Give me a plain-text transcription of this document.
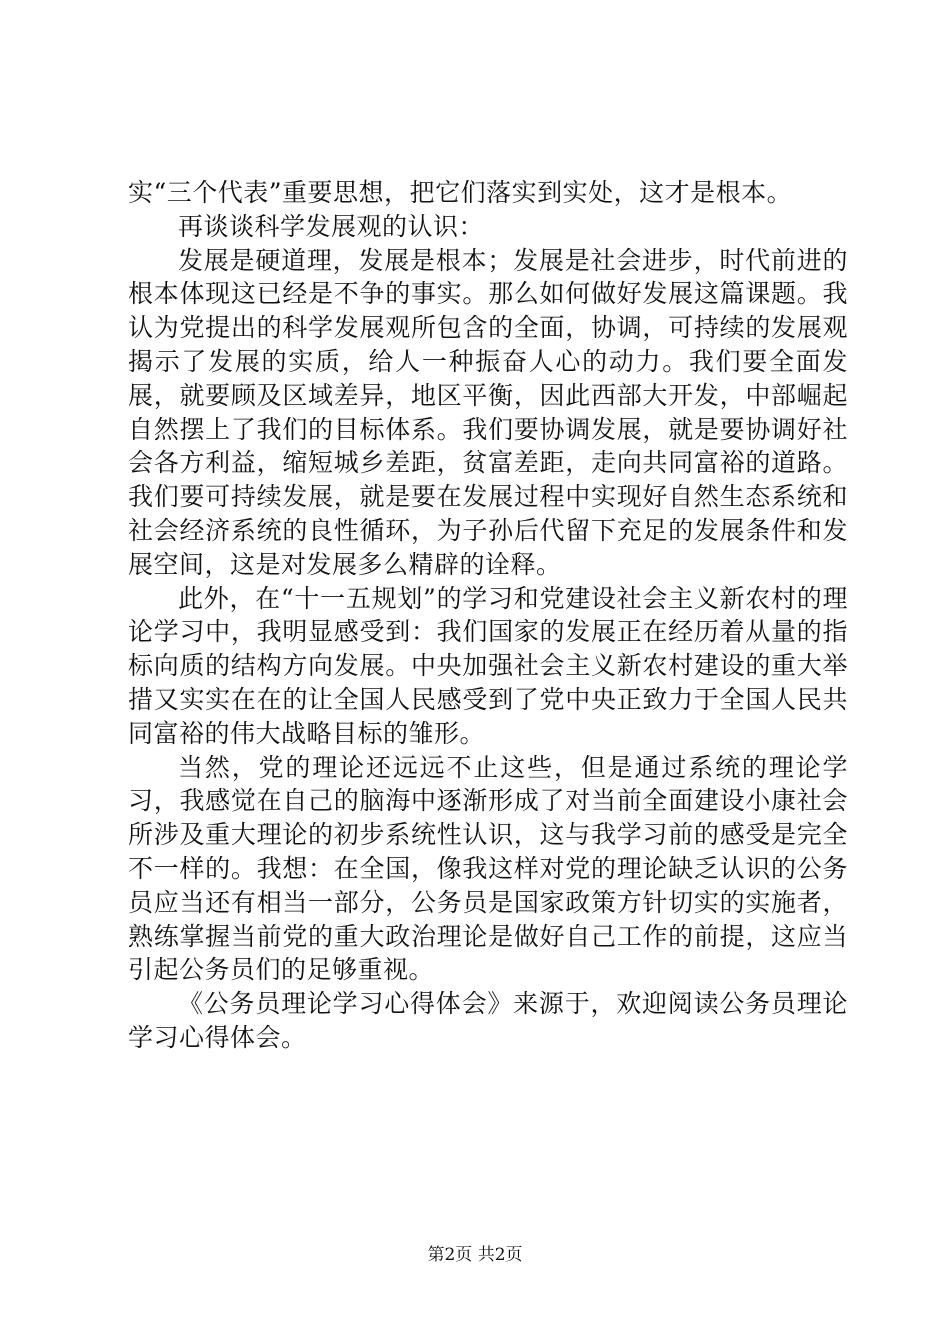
实“三个代表”重要思想，把它们落实到实处，这才是根本。

再谈谈科学发展观的认识：

发展是硬道理，发展是根本；发展是社会进步，时代前进的根本体现这已经是不争的事实。那么如何做好发展这篇课题。我认为党提出的科学发展观所包含的全面，协调，可持续的发展观揭示了发展的实质，给人一种振奋人心的动力。我们要全面发展，就要顾及区域差异，地区平衡，因此西部大开发，中部崛起自然摆上了我们的目标体系。我们要协调发展，就是要协调好社会各方利益，缩短城乡差距，贫富差距，走向共同富裕的道路。我们要可持续发展，就是要在发展过程中实现好自然生态系统和社会经济系统的良性循环，为子孙后代留下充足的发展条件和发展空间，这是对发展多么精辟的诠释。

此外，在“十一五规划”的学习和党建设社会主义新农村的理论学习中，我明显感受到：我们国家的发展正在经历着从量的指标向质的结构方向发展。中央加强社会主义新农村建设的重大举措又实实在在的让全国人民感受到了党中央正致力于全国人民共同富裕的伟大战略目标的雏形。

当然，党的理论还远远不止这些，但是通过系统的理论学习，我感觉在自己的脑海中逐渐形成了对当前全面建设小康社会所涉及重大理论的初步系统性认识，这与我学习前的感受是完全不一样的。我想：在全国，像我这样对党的理论缺乏认识的公务员应当还有相当一部分，公务员是国家政策方针切实的实施者，熟练掌握当前党的重大政治理论是做好自己工作的前提，这应当引起公务员们的足够重视。

《公务员理论学习心得体会》来源于，欢迎阅读公务员理论学习心得体会。

第2页 共2页
